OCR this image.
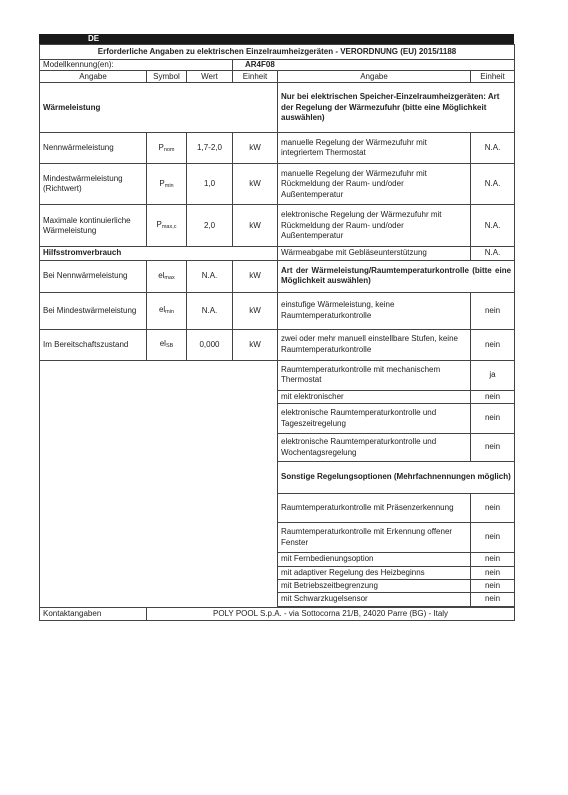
DE
Erforderliche Angaben zu elektrischen Einzelraumheizgeräten - VERORDNUNG (EU) 2015/1188					
Modellkennung(en):			AR4F08		
Angabe	Symbol	Wert	Einheit	Angabe	Einheit
Wärmeleistung				Nur bei elektrischen Speicher-Einzelraumheizgeräten: Art der Regelung der Wärmezufuhr (bitte eine Möglichkeit auswählen)	
Nennwärmeleistung	Pnom	1,7-2,0	kW	manuelle Regelung der Wärmezufuhr mit integriertem Thermostat	N.A.
Mindestwärmeleistung (Richtwert)	Pmin	1,0	kW	manuelle Regelung der Wärmezufuhr mit Rückmeldung der Raum- und/oder Außentemperatur	N.A.
Maximale kontinuierliche Wärmeleistung	Pmax,c	2,0	kW	elektronische Regelung der Wärmezufuhr mit Rückmeldung der Raum- und/oder Außentemperatur	N.A.
Hilfsstromverbrauch				Wärmeabgabe mit Gebläseunterstützung	N.A.
Bei Nennwärmeleistung	elmax	N.A.	kW	Art der Wärmeleistung/Raumtemperaturkontrolle (bitte eine Möglichkeit auswählen)	
Bei Mindestwärmeleistung	elmin	N.A.	kW	einstufige Wärmeleistung, keine Raumtemperaturkontrolle	nein
Im Bereitschaftszustand	elSB	0,000	kW	zwei oder mehr manuell einstellbare Stufen, keine Raumtemperaturkontrolle	nein
				Raumtemperaturkontrolle mit mechanischem Thermostat	ja
				mit elektronischer	nein
				elektronische Raumtemperaturkontrolle und Tageszeitregelung	nein
				elektronische Raumtemperaturkontrolle und Wochentagsregelung	nein
				Sonstige Regelungsoptionen (Mehrfachnennungen möglich)	
				Raumtemperaturkontrolle mit Präsenzerkennung	nein
				Raumtemperaturkontrolle mit Erkennung offener Fenster	nein
				mit Fernbedienungsoption	nein
				mit adaptiver Regelung des Heizbeginns	nein
				mit Betriebszeitbegrenzung	nein
				mit Schwarzkugelsensor	nein

Kontaktangaben	POLY POOL S.p.A. - via Sottocorna 21/B, 24020 Parre (BG) - Italy				
